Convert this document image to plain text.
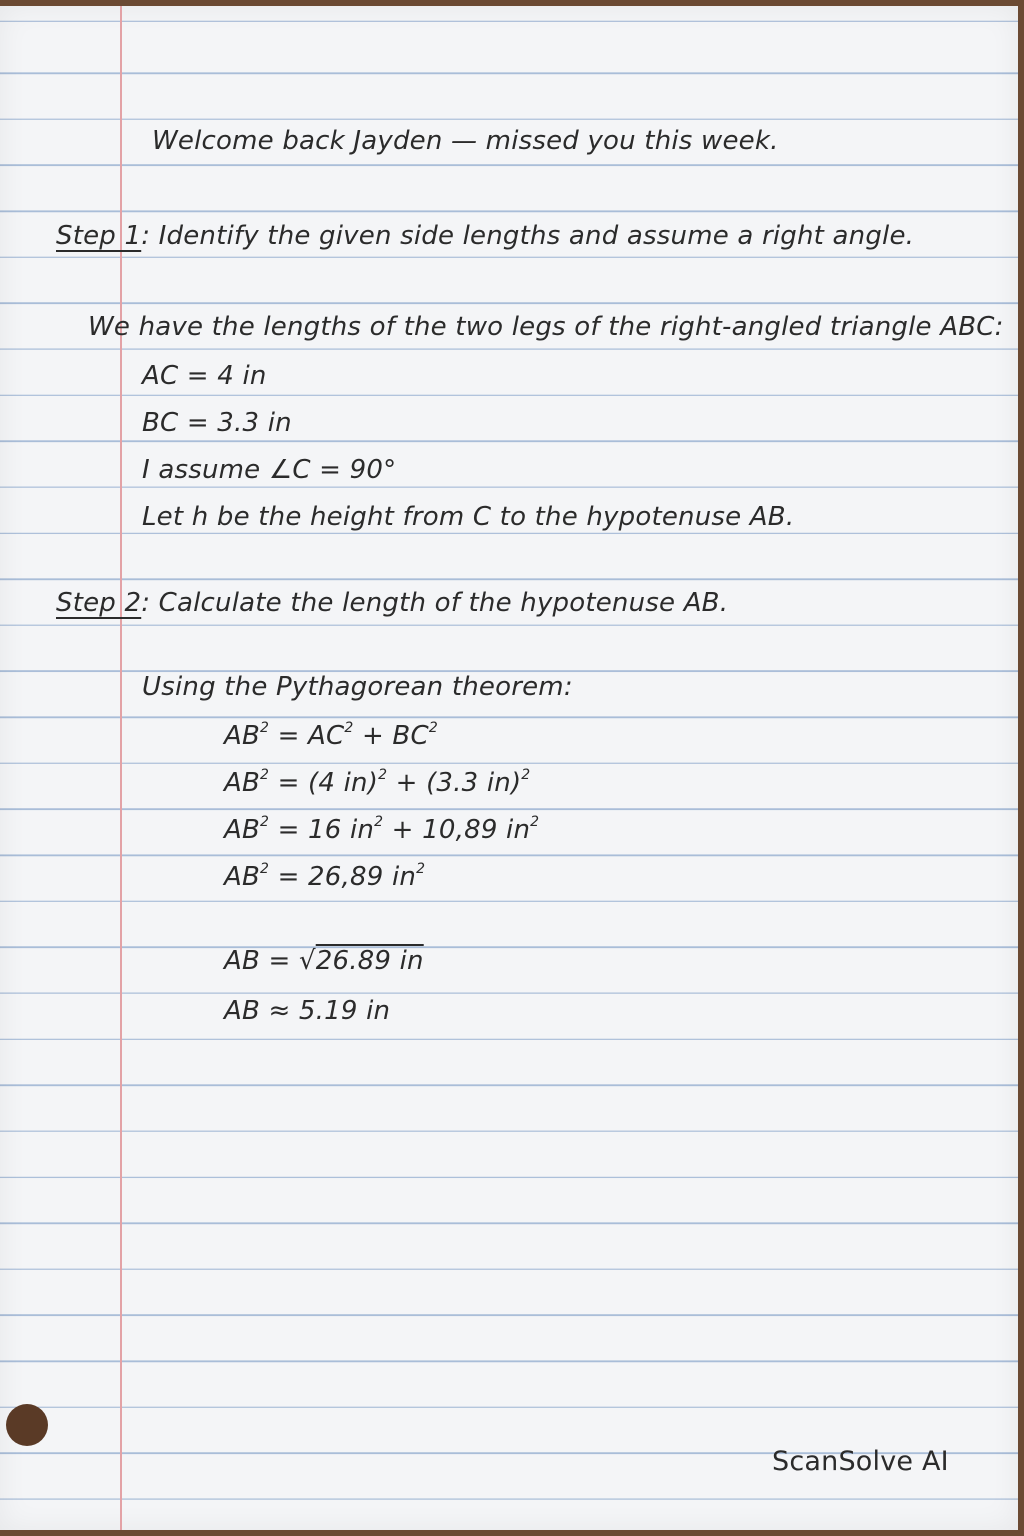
Welcome back Jayden — missed you this week.
Step 1: Identify the given side lengths and assume a right angle.
We have the lengths of the two legs of the right-angled triangle ABC:
AC = 4 in
BC = 3.3 in
I assume ∠C = 90°
Let h be the height from C to the hypotenuse AB.
Step 2: Calculate the length of the hypotenuse AB.
Using the Pythagorean theorem:
$AB^2 = AC^2 + BC^2$
$AB^2 = (4$ in)$^2$ + (3.3 in)$^2$
$AB^2 = 16$ $in^2 + 10,89$ $in^2$
$AB^2 = 26,89$ $in^2$
AB = √26.89 in
AB ≈ 5.19 in
ScanSolve AI
